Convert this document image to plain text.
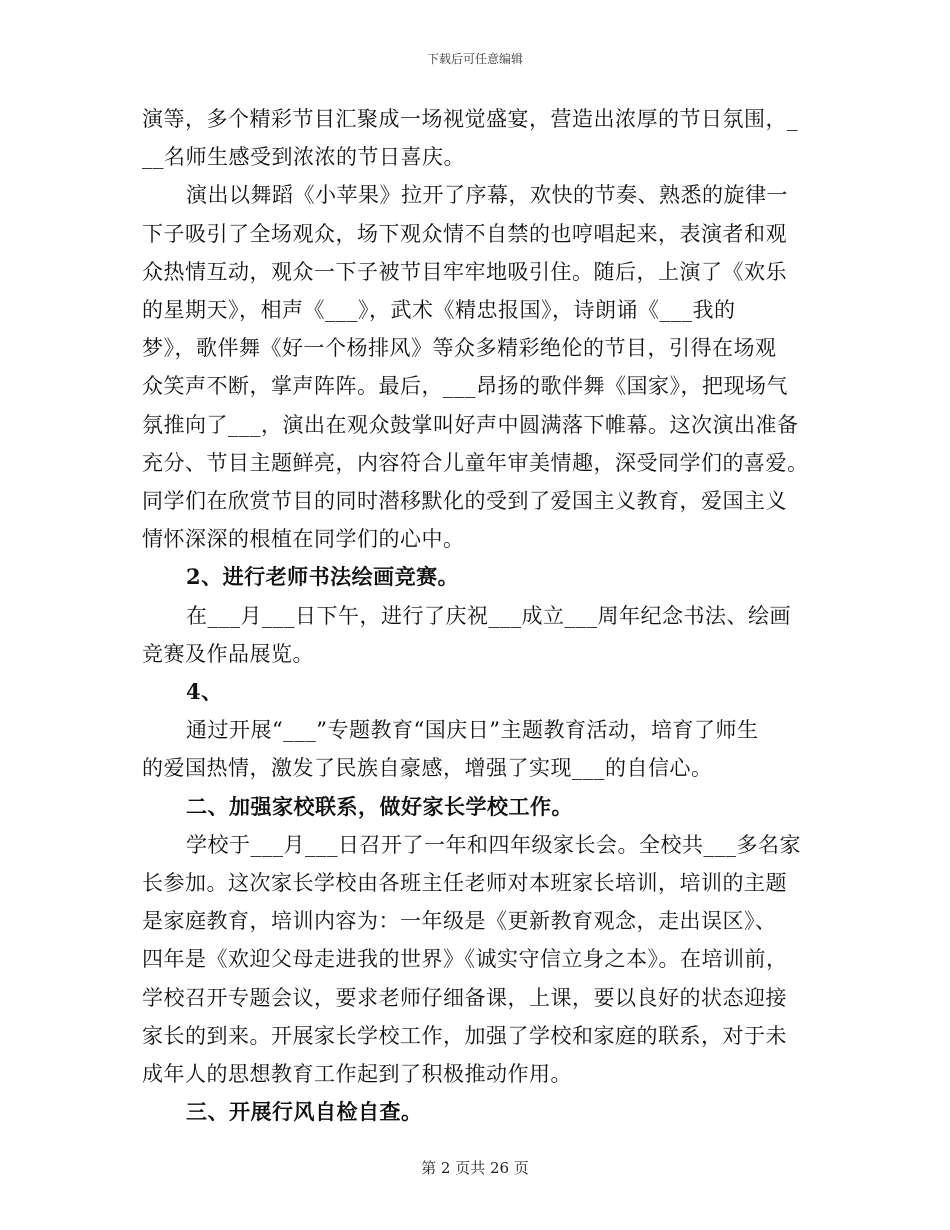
下载后可任意编辑
演等，多个精彩节目汇聚成一场视觉盛宴，营造出浓厚的节日氛围，_
__名师生感受到浓浓的节日喜庆。
演出以舞蹈《小苹果》拉开了序幕，欢快的节奏、熟悉的旋律一
下子吸引了全场观众，场下观众情不自禁的也哼唱起来，表演者和观
众热情互动，观众一下子被节目牢牢地吸引住。随后，上演了《欢乐
的星期天》，相声《___》，武术《精忠报国》，诗朗诵《___我的
梦》，歌伴舞《好一个杨排风》等众多精彩绝伦的节目，引得在场观
众笑声不断，掌声阵阵。最后，___昂扬的歌伴舞《国家》，把现场气
氛推向了___，演出在观众鼓掌叫好声中圆满落下帷幕。这次演出准备
充分、节目主题鲜亮，内容符合儿童年审美情趣，深受同学们的喜爱。
同学们在欣赏节目的同时潜移默化的受到了爱国主义教育，爱国主义
情怀深深的根植在同学们的心中。
2、进行老师书法绘画竞赛。
在___月___日下午，进行了庆祝___成立___周年纪念书法、绘画
竞赛及作品展览。
4、
通过开展“___”专题教育“国庆日”主题教育活动，培育了师生
的爱国热情，激发了民族自豪感，增强了实现___的自信心。
二、加强家校联系，做好家长学校工作。
学校于___月___日召开了一年和四年级家长会。全校共___多名家
长参加。这次家长学校由各班主任老师对本班家长培训，培训的主题
是家庭教育，培训内容为：一年级是《更新教育观念，走出误区》、
四年是《欢迎父母走进我的世界》《诚实守信立身之本》。在培训前，
学校召开专题会议，要求老师仔细备课，上课，要以良好的状态迎接
家长的到来。开展家长学校工作，加强了学校和家庭的联系，对于未
成年人的思想教育工作起到了积极推动作用。
三、开展行风自检自查。
第 2 页共 26 页
